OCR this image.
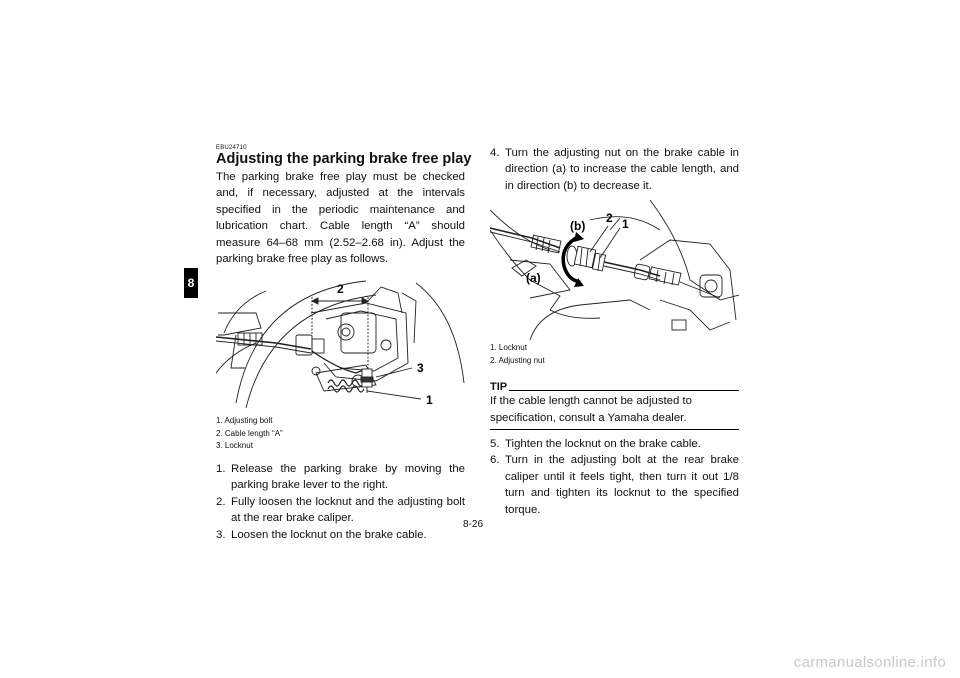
8
EBU24710
Adjusting the parking brake free play

The parking brake free play must be checked and, if necessary, adjusted at the intervals specified in the periodic maintenance and lubrication chart. Cable length “A” should measure 64–68 mm (2.52–2.68 in). Adjust the parking brake free play as follows.

2
3
1
1. Adjusting bolt
2. Cable length “A”
3. Locknut
1. Release the parking brake by moving the parking brake lever to the right.
2. Fully loosen the locknut and the adjusting bolt at the rear brake caliper.
3. Loosen the locknut on the brake cable.
4. Turn the adjusting nut on the brake cable in direction (a) to increase the cable length, and in direction (b) to decrease it.
(b)
2 1
(a)
1. Locknut
2. Adjusting nut
TIP
If the cable length cannot be adjusted to specification, consult a Yamaha dealer.
5. Tighten the locknut on the brake cable.
6. Turn in the adjusting bolt at the rear brake caliper until it feels tight, then turn it out 1/8 turn and tighten its locknut to the specified torque.
8-26
carmanualsonline.info
